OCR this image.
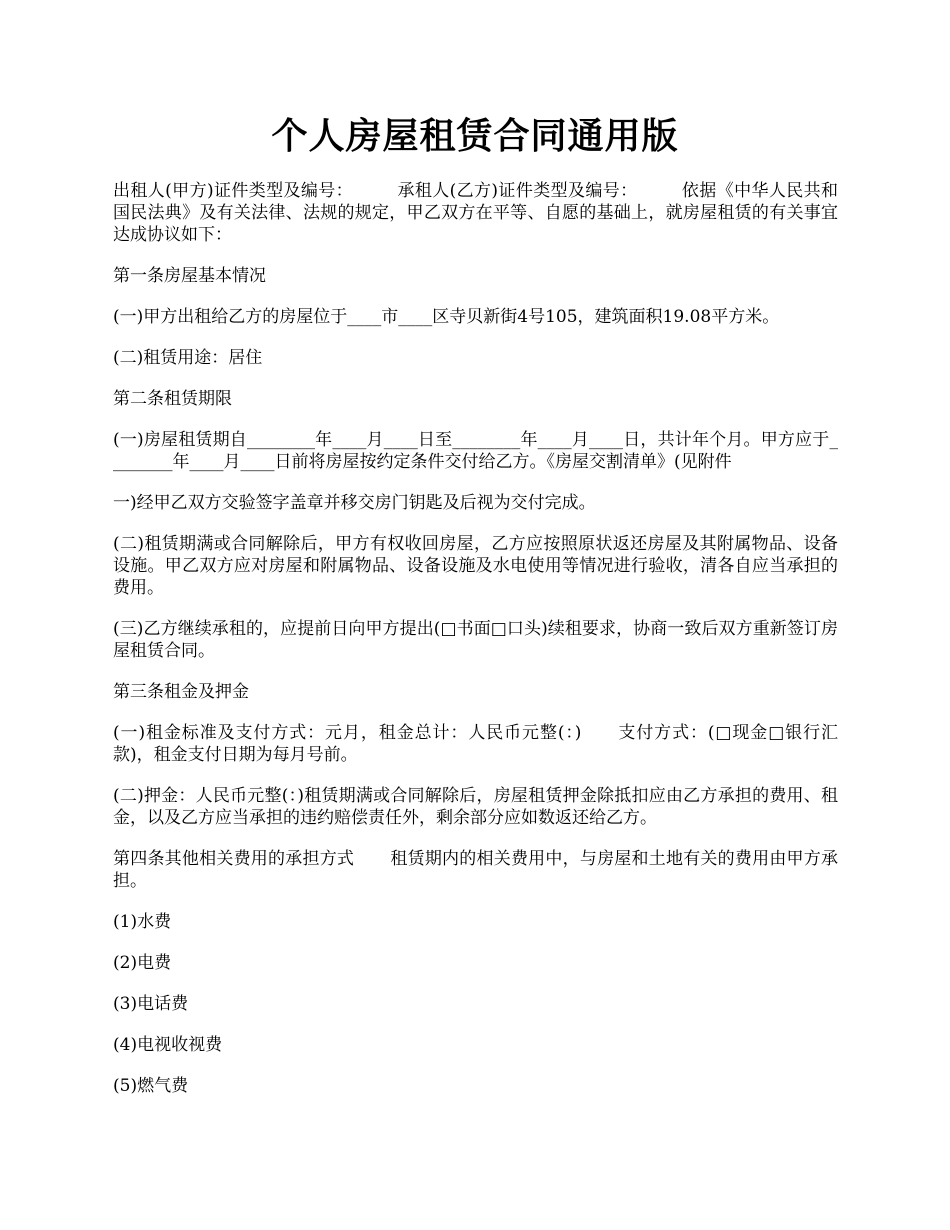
个人房屋租赁合同通用版

出租人(甲方)证件类型及编号：	承租人(乙方)证件类型及编号：	依据《中华人民共和国民法典》及有关法律、法规的规定，甲乙双方在平等、自愿的基础上，就房屋租赁的有关事宜达成协议如下：

第一条房屋基本情况

(一)甲方出租给乙方的房屋位于____市____区寺贝新街4号105，建筑面积19.08平方米。

(二)租赁用途：居住

第二条租赁期限

(一)房屋租赁期自________年____月____日至________年____月____日，共计年个月。甲方应于________年____月____日前将房屋按约定条件交付给乙方。《房屋交割清单》(见附件

一)经甲乙双方交验签字盖章并移交房门钥匙及后视为交付完成。

(二)租赁期满或合同解除后，甲方有权收回房屋，乙方应按照原状返还房屋及其附属物品、设备设施。甲乙双方应对房屋和附属物品、设备设施及水电使用等情况进行验收，清各自应当承担的费用。

(三)乙方继续承租的，应提前日向甲方提出(□书面□口头)续租要求，协商一致后双方重新签订房屋租赁合同。

第三条租金及押金

(一)租金标准及支付方式：元月，租金总计：人民币元整(：) 支付方式：(□现金□银行汇款)，租金支付日期为每月号前。

(二)押金：人民币元整(：)租赁期满或合同解除后，房屋租赁押金除抵扣应由乙方承担的费用、租金，以及乙方应当承担的违约赔偿责任外，剩余部分应如数返还给乙方。

第四条其他相关费用的承担方式 租赁期内的相关费用中，与房屋和土地有关的费用由甲方承担。

(1)水费

(2)电费

(3)电话费

(4)电视收视费

(5)燃气费
